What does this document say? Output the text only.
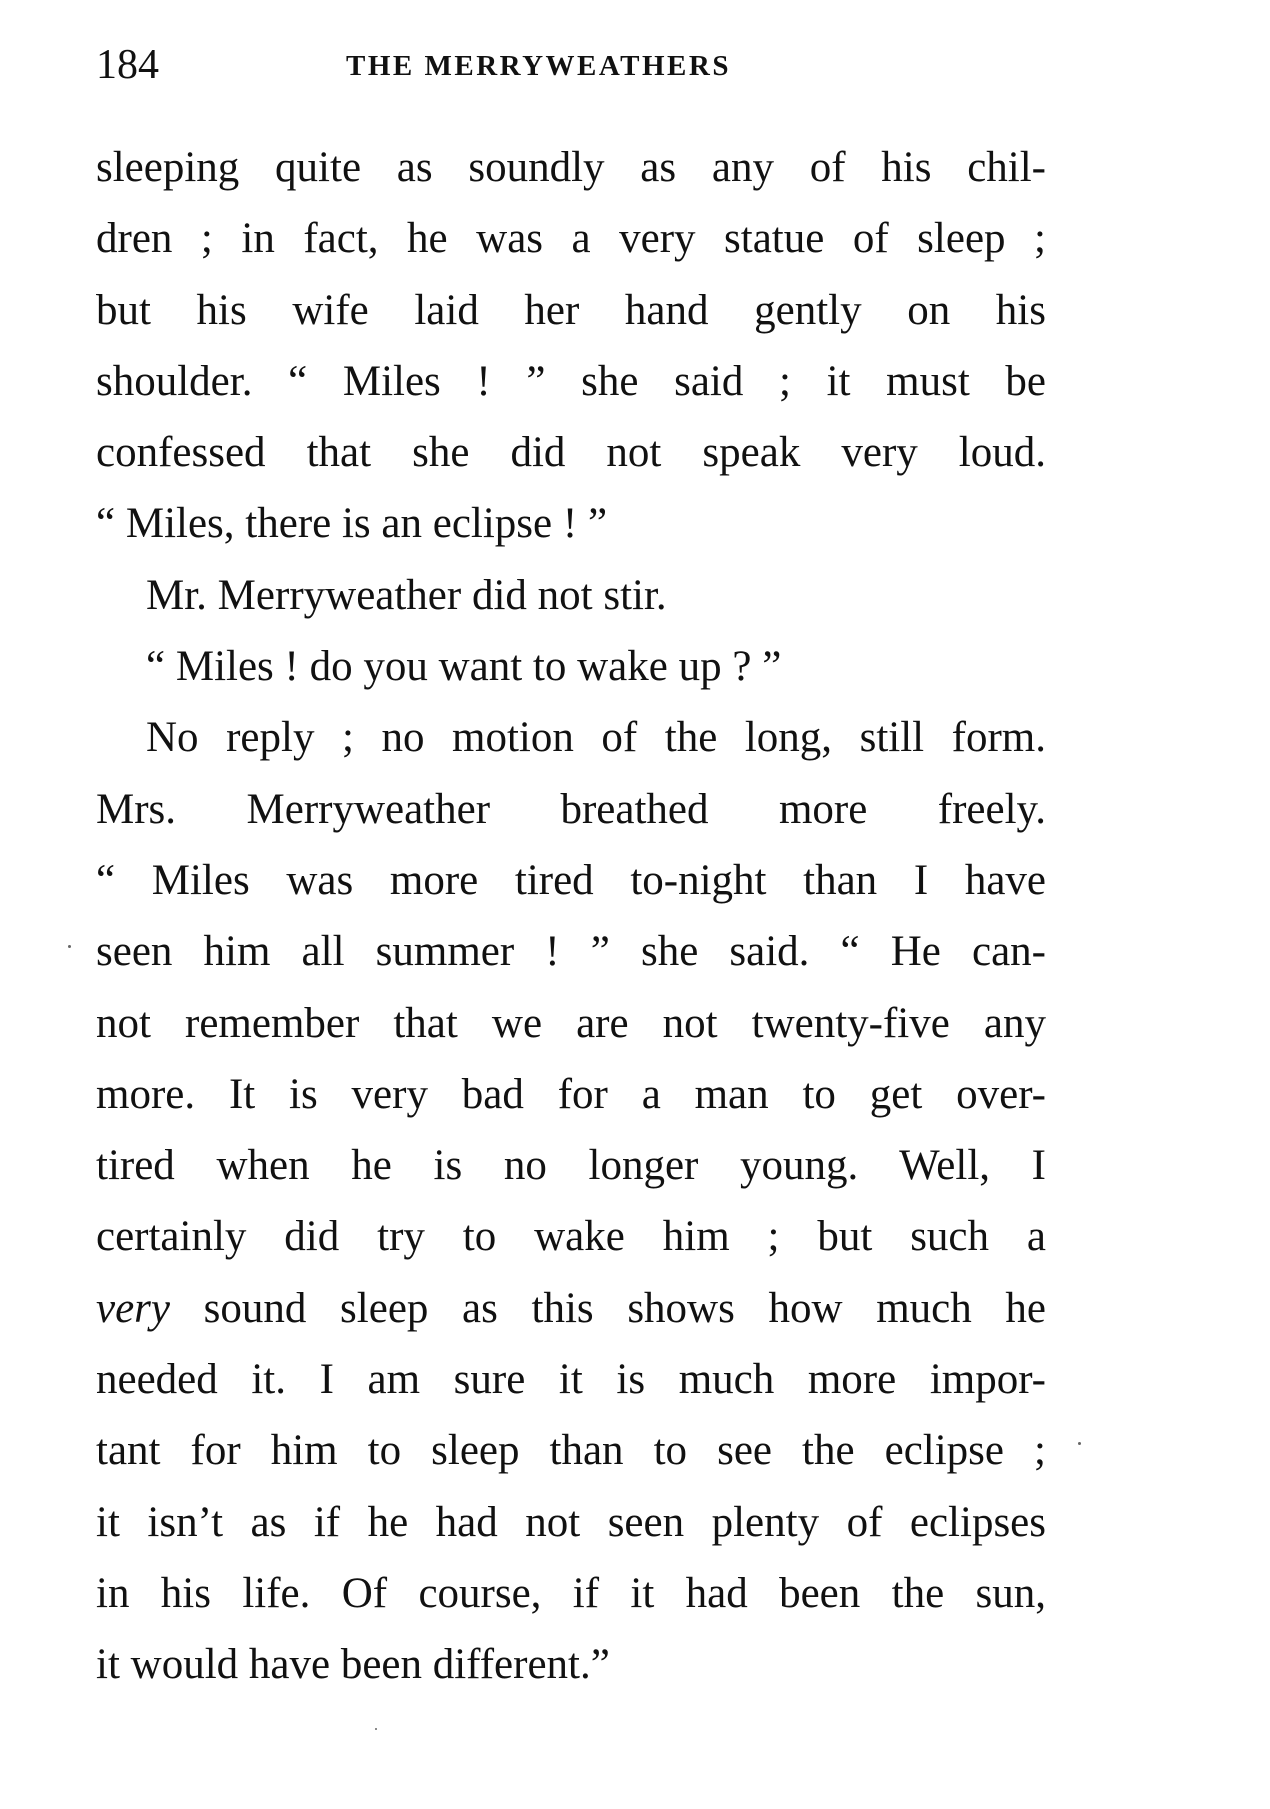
184	THE MERRYWEATHERS
sleeping quite as soundly as any of his chil-
dren ; in fact, he was a very statue of sleep ;
but his wife laid her hand gently on his
shoulder. “ Miles ! ” she said ; it must be
confessed that she did not speak very loud.
“ Miles, there is an eclipse ! ”
Mr. Merryweather did not stir.
“ Miles ! do you want to wake up ? ”
No reply ; no motion of the long, still form.
Mrs. Merryweather breathed more freely.
“ Miles was more tired to-night than I have
seen him all summer ! ” she said. “ He can-
not remember that we are not twenty-five any
more. It is very bad for a man to get over-
tired when he is no longer young. Well, I
certainly did try to wake him ; but such a
very sound sleep as this shows how much he
needed it. I am sure it is much more impor-
tant for him to sleep than to see the eclipse ;
it isn’t as if he had not seen plenty of eclipses
in his life. Of course, if it had been the sun,
it would have been different.”
